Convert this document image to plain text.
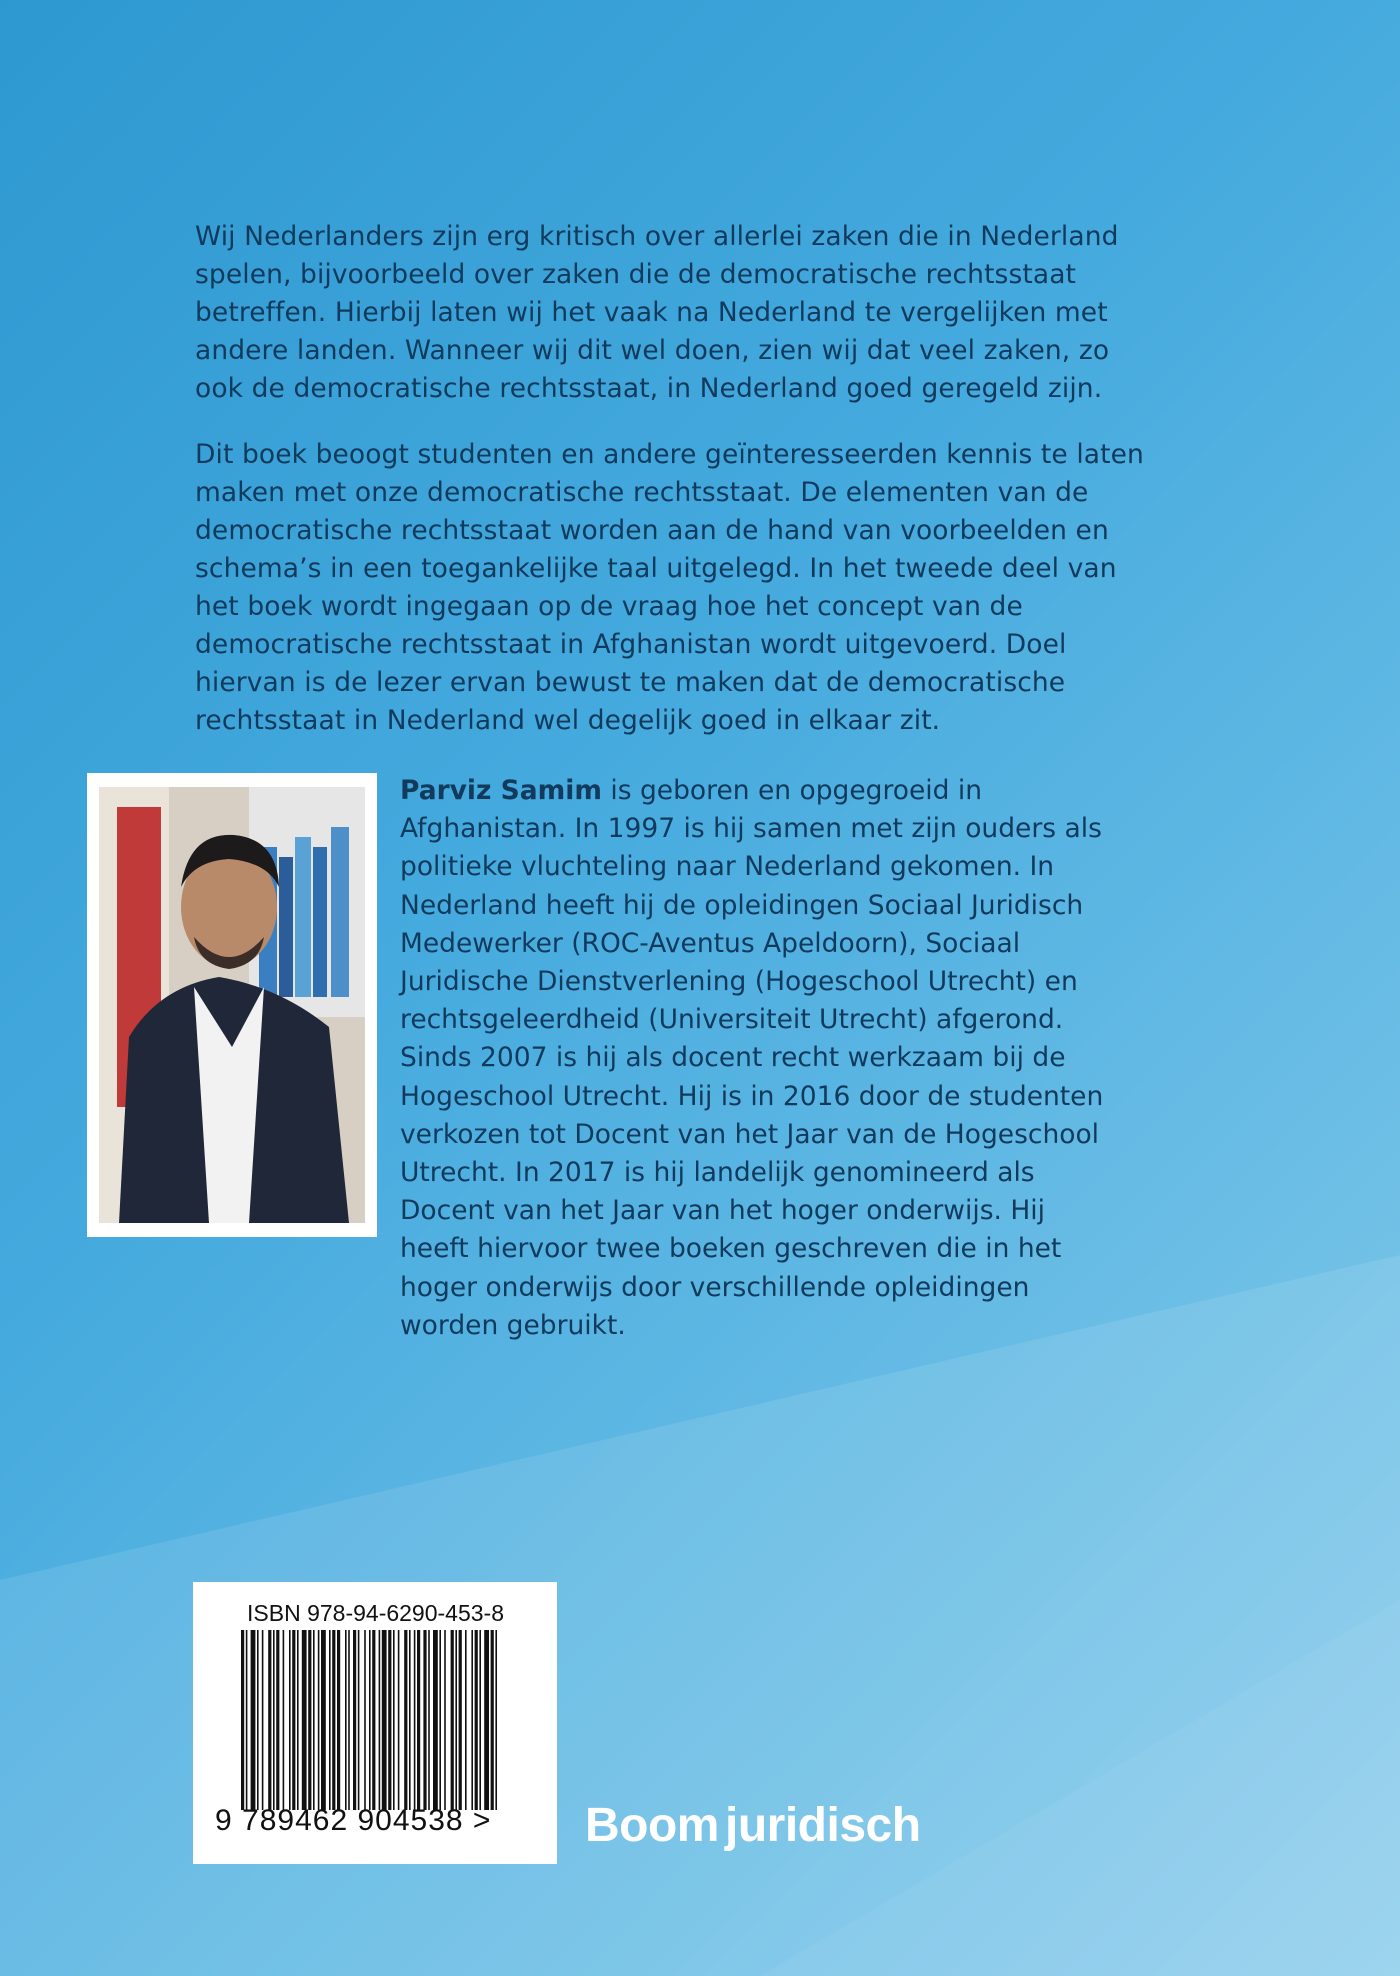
Wij Nederlanders zijn erg kritisch over allerlei zaken die in Nederland spelen, bijvoorbeeld over zaken die de democratische rechtsstaat betreffen. Hierbij laten wij het vaak na Nederland te vergelijken met andere landen. Wanneer wij dit wel doen, zien wij dat veel zaken, zo ook de democratische rechtsstaat, in Nederland goed geregeld zijn.
Dit boek beoogt studenten en andere geïnteresseerden kennis te laten maken met onze democratische rechtsstaat. De elementen van de democratische rechtsstaat worden aan de hand van voorbeelden en schema’s in een toegankelijke taal uitgelegd. In het tweede deel van het boek wordt ingegaan op de vraag hoe het concept van de democratische rechtsstaat in Afghanistan wordt uitgevoerd. Doel hiervan is de lezer ervan bewust te maken dat de democratische rechtsstaat in Nederland wel degelijk goed in elkaar zit.
Parviz Samim is geboren en opgegroeid in Afghanistan. In 1997 is hij samen met zijn ouders als politieke vluchteling naar Nederland gekomen. In Nederland heeft hij de opleidingen Sociaal Juridisch Medewerker (ROC-Aventus Apeldoorn), Sociaal Juridische Dienstverlening (Hogeschool Utrecht) en rechtsgeleerdheid (Universiteit Utrecht) afgerond. Sinds 2007 is hij als docent recht werkzaam bij de Hogeschool Utrecht. Hij is in 2016 door de studenten verkozen tot Docent van het Jaar van de Hogeschool Utrecht. In 2017 is hij landelijk genomineerd als Docent van het Jaar van het hoger onderwijs. Hij heeft hiervoor twee boeken geschreven die in het hoger onderwijs door verschillende opleidingen worden gebruikt.
ISBN 978-94-6290-453-8
9 789462 904538 > Boom juridisch
